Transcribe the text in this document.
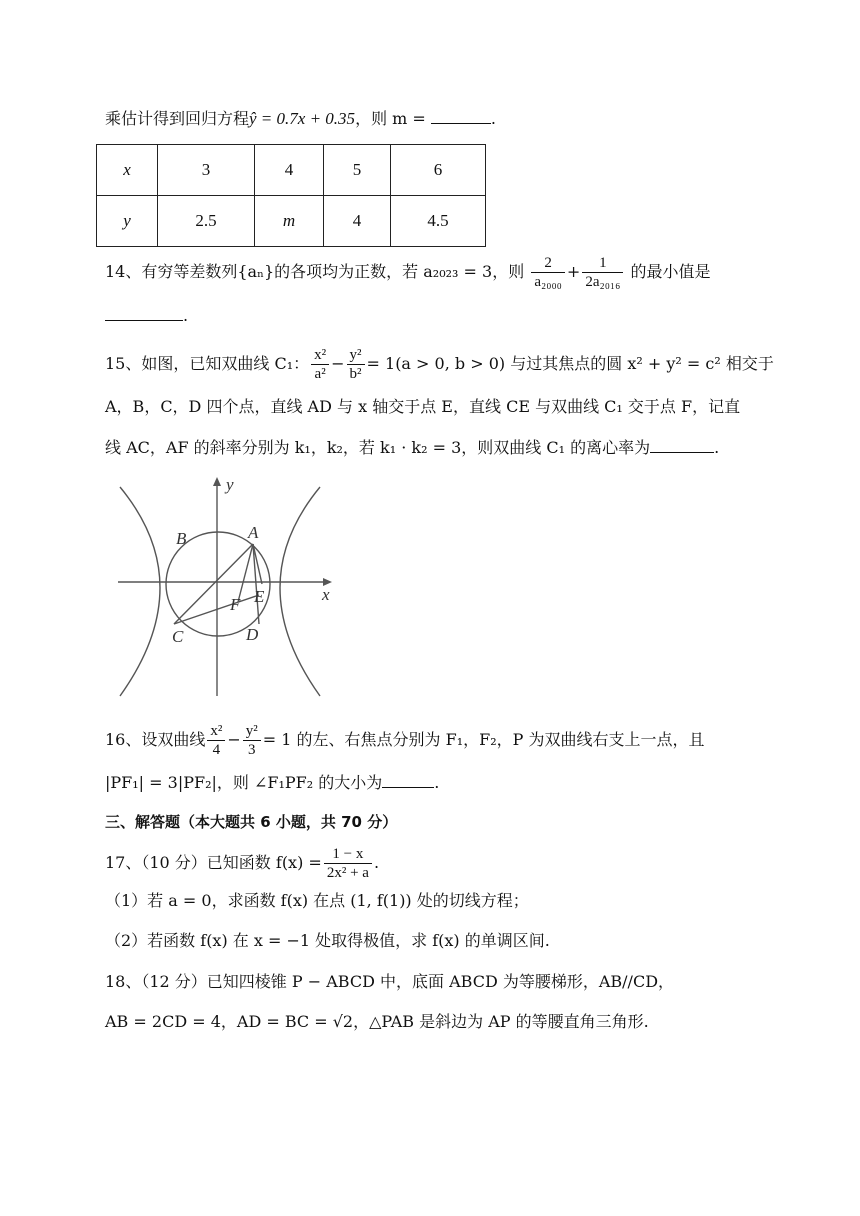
乘估计得到回归方程ŷ = 0.7x + 0.35，则 m =	.
x	3	4	5	6
y	2.5	m	4	4.5
14、有穷等差数列{aₙ}的各项均为正数，若 a₂₀₂₃ = 3，则 $\frac{2}{\text{a₂₀₀₀}} + \frac{1}{\text{2a₂₀₁₆}}$ 的最小值是
.
15、如图，已知双曲线 C₁： $\frac{\text{x²}}{\text{a²}} - \frac{\text{y²}}{\text{b²}} = 1(a > 0$, b > 0) 与过其焦点的圆 x² + y² = c² 相交于
A，B，C，D 四个点，直线 AD 与 x 轴交于点 E，直线 CE 与双曲线 C₁ 交于点 F，记直
线 AC，AF 的斜率分别为 k₁，k₂，若 k₁ · k₂ = 3，则双曲线 C₁ 的离心率为	.
A
B
C	D
E
F
x
y
16、设双曲线 $\frac{\text{x²}}{4} - \frac{\text{y²}}{3} = 1$ 的左、右焦点分别为 F₁，F₂，P 为双曲线右支上一点，且
|PF₁| = 3|PF₂|，则 ∠F₁PF₂ 的大小为	.
三、解答题（本大题共 6 小题，共 70 分）
17、（10 分）已知函数 $f(x) = \frac{1 - x}{\text{2x² + a}}$ .
（1）若 a = 0，求函数 f(x) 在点 (1, f(1)) 处的切线方程；
（2）若函数 f(x) 在 x = −1 处取得极值，求 f(x) 的单调区间.
18、（12 分）已知四棱锥 P − ABCD 中，底面 ABCD 为等腰梯形，AB//CD，
AB = 2CD = 4，AD = BC = √2，△PAB 是斜边为 AP 的等腰直角三角形.
